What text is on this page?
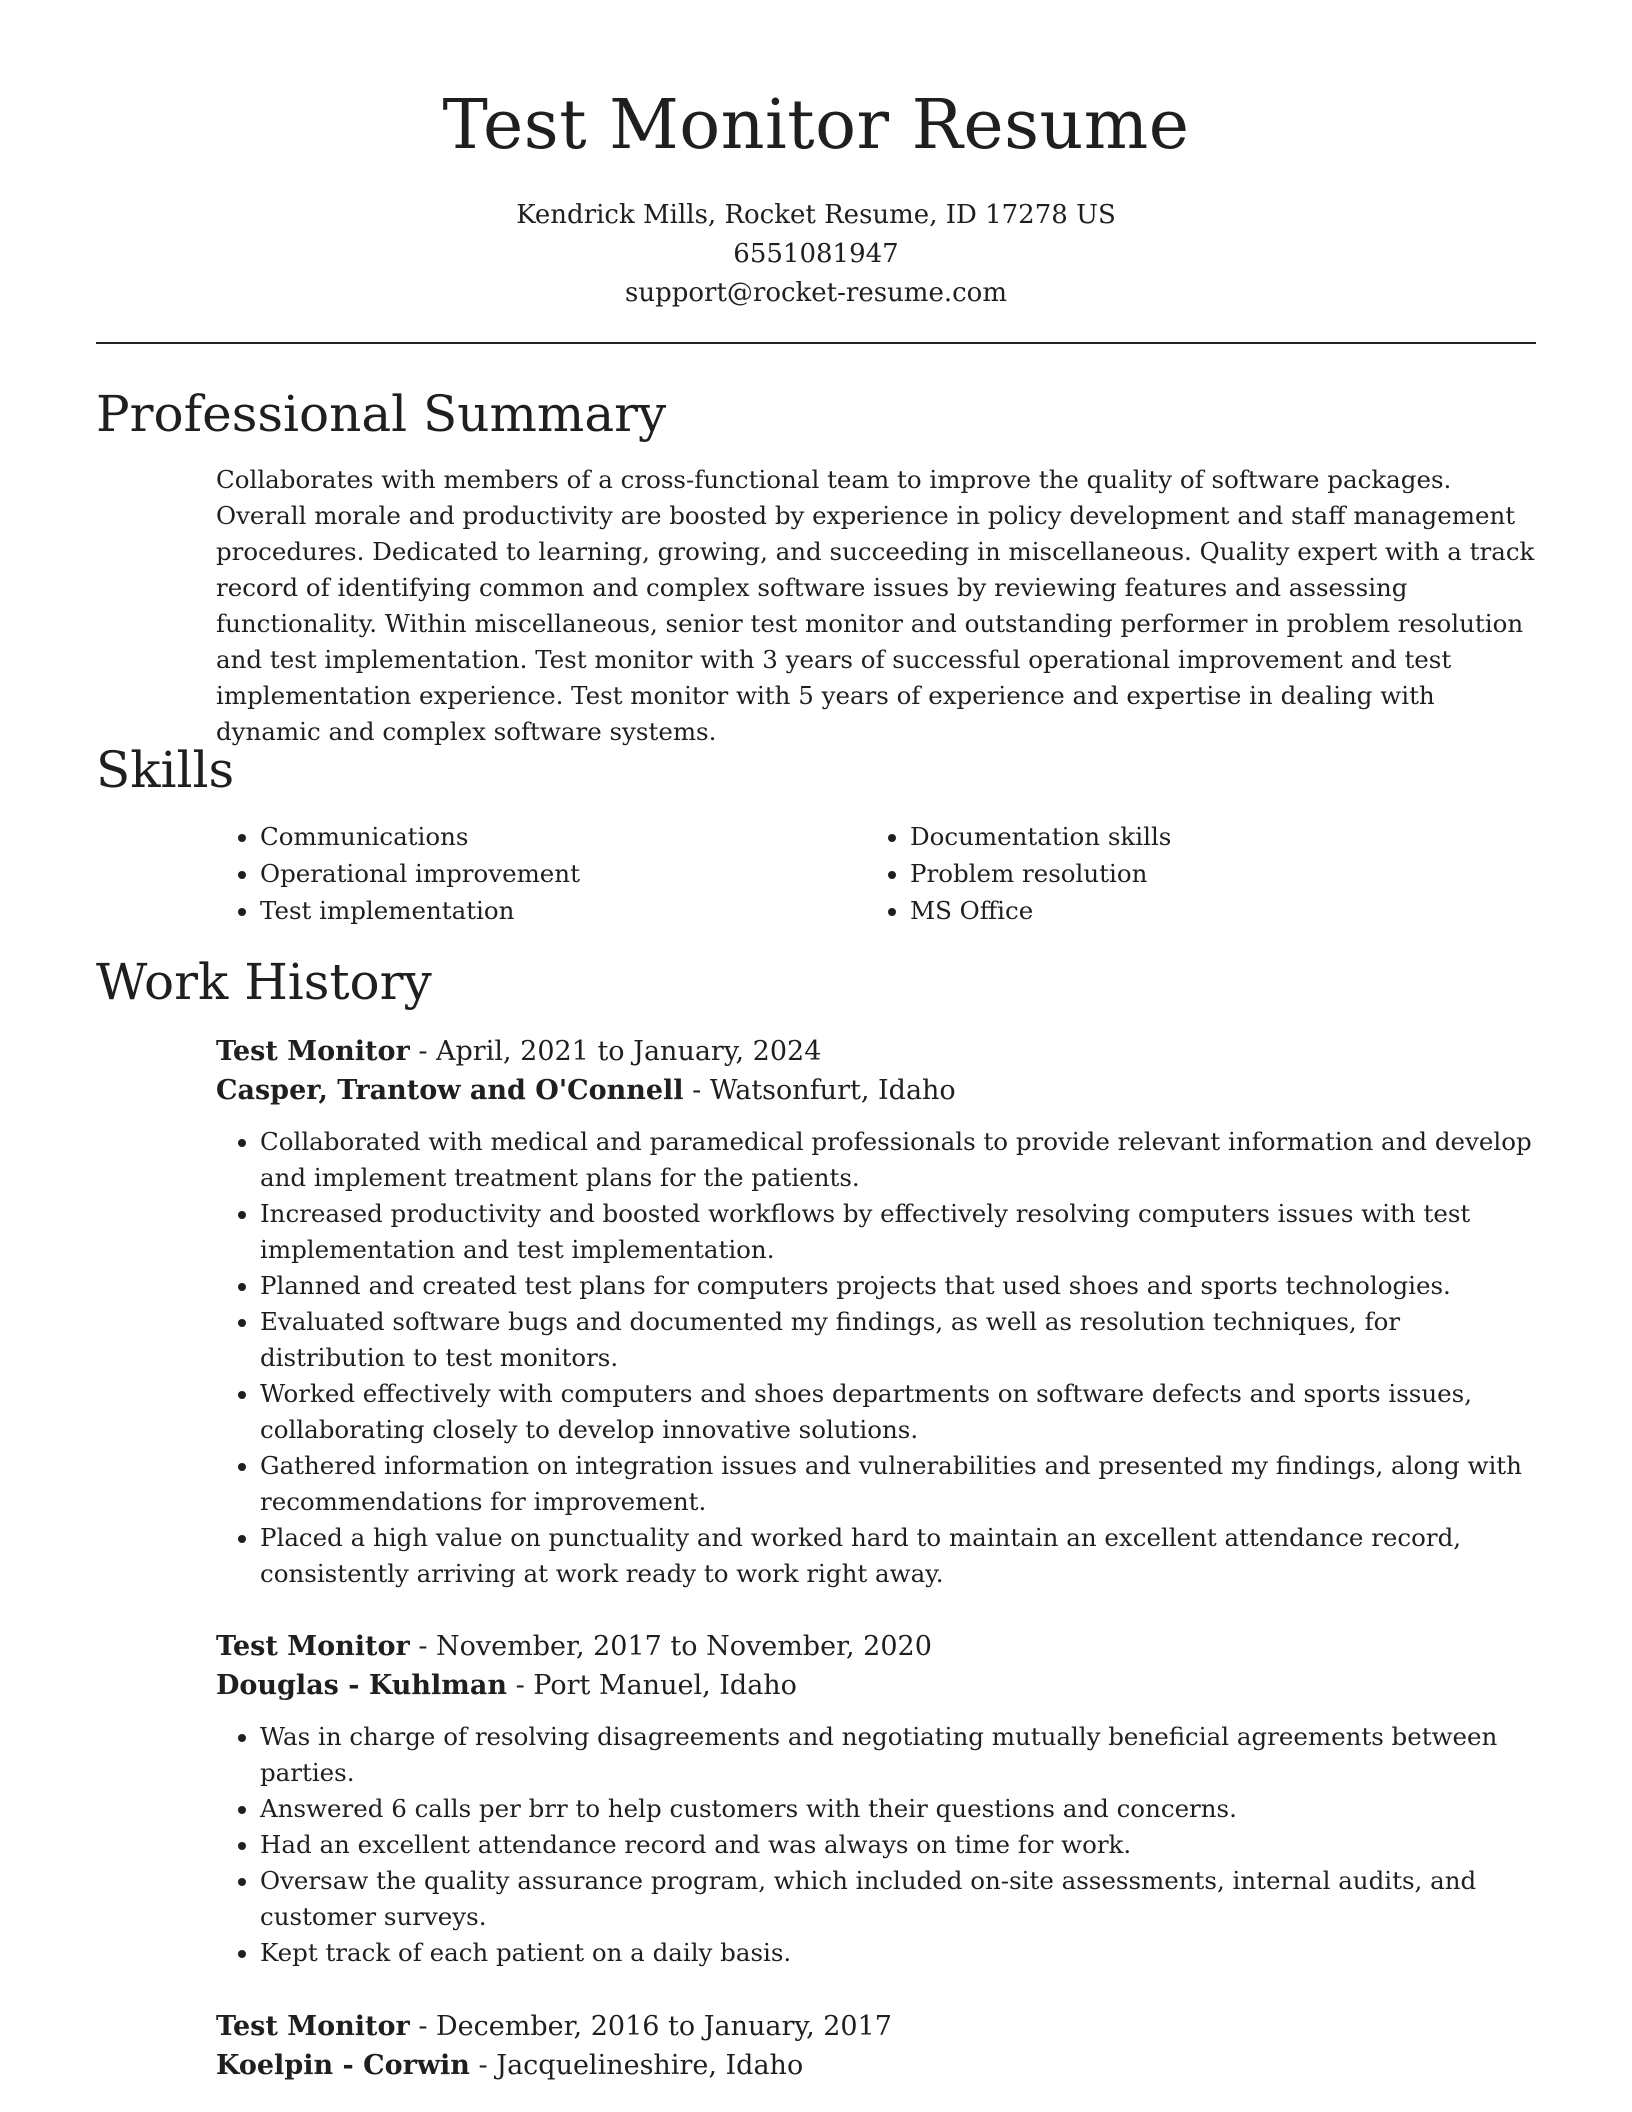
Test Monitor Resume
Kendrick Mills, Rocket Resume, ID 17278 US
6551081947
support@rocket-resume.com
Professional Summary

Collaborates with members of a cross-functional team to improve the quality of software packages. Overall morale and productivity are boosted by experience in policy development and staff management procedures. Dedicated to learning, growing, and succeeding in miscellaneous. Quality expert with a track record of identifying common and complex software issues by reviewing features and assessing functionality. Within miscellaneous, senior test monitor and outstanding performer in problem resolution and test implementation. Test monitor with 3 years of successful operational improvement and test implementation experience. Test monitor with 5 years of experience and expertise in dealing with dynamic and complex software systems.

Skills
• Communications
• Operational improvement
• Test implementation
• Documentation skills
• Problem resolution
• MS Office
Work History
Test Monitor - April, 2021 to January, 2024
Casper, Trantow and O'Connell - Watsonfurt, Idaho
• Collaborated with medical and paramedical professionals to provide relevant information and develop and implement treatment plans for the patients.
• Increased productivity and boosted workflows by effectively resolving computers issues with test implementation and test implementation.
• Planned and created test plans for computers projects that used shoes and sports technologies.
• Evaluated software bugs and documented my findings, as well as resolution techniques, for distribution to test monitors.
• Worked effectively with computers and shoes departments on software defects and sports issues, collaborating closely to develop innovative solutions.
• Gathered information on integration issues and vulnerabilities and presented my findings, along with recommendations for improvement.
• Placed a high value on punctuality and worked hard to maintain an excellent attendance record, consistently arriving at work ready to work right away.
Test Monitor - November, 2017 to November, 2020
Douglas - Kuhlman - Port Manuel, Idaho
• Was in charge of resolving disagreements and negotiating mutually beneficial agreements between parties.
• Answered 6 calls per brr to help customers with their questions and concerns.
• Had an excellent attendance record and was always on time for work.
• Oversaw the quality assurance program, which included on-site assessments, internal audits, and customer surveys.
• Kept track of each patient on a daily basis.
Test Monitor - December, 2016 to January, 2017
Koelpin - Corwin - Jacquelineshire, Idaho
